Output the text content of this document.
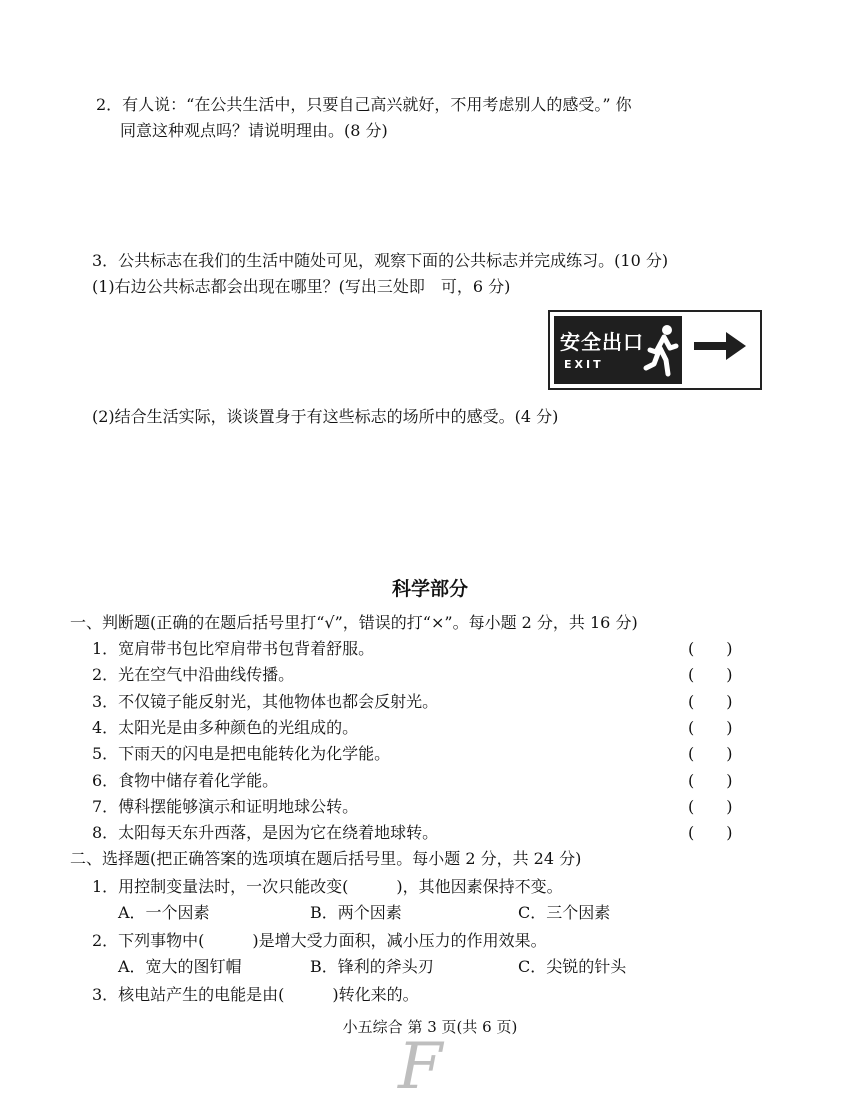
2．有人说：“在公共生活中，只要自己高兴就好，不用考虑别人的感受。” 你
同意这种观点吗？请说明理由。(8 分)
3．公共标志在我们的生活中随处可见，观察下面的公共标志并完成练习。(10 分)
(1)右边公共标志都会出现在哪里？(写出三处即　可，6 分)
安全出口
EXIT
(2)结合生活实际，谈谈置身于有这些标志的场所中的感受。(4 分)
科学部分
一、判断题(正确的在题后括号里打“√”，错误的打“×”。每小题 2 分，共 16 分)
1．宽肩带书包比窄肩带书包背着舒服。	(　　)
2．光在空气中沿曲线传播。	(　　)
3．不仅镜子能反射光，其他物体也都会反射光。	(　　)
4．太阳光是由多种颜色的光组成的。	(　　)
5．下雨天的闪电是把电能转化为化学能。	(　　)
6．食物中储存着化学能。	(　　)
7．傅科摆能够演示和证明地球公转。	(　　)
8．太阳每天东升西落，是因为它在绕着地球转。	(　　)
二、选择题(把正确答案的选项填在题后括号里。每小题 2 分，共 24 分)
1．用控制变量法时，一次只能改变(　　　)，其他因素保持不变。
A．一个因素	B．两个因素	C．三个因素
2．下列事物中(　　　)是增大受力面积，减小压力的作用效果。
A．宽大的图钉帽	B．锋利的斧头刃	C．尖锐的针头
3．核电站产生的电能是由(　　　)转化来的。
小五综合 第 3 页(共 6 页)
F
